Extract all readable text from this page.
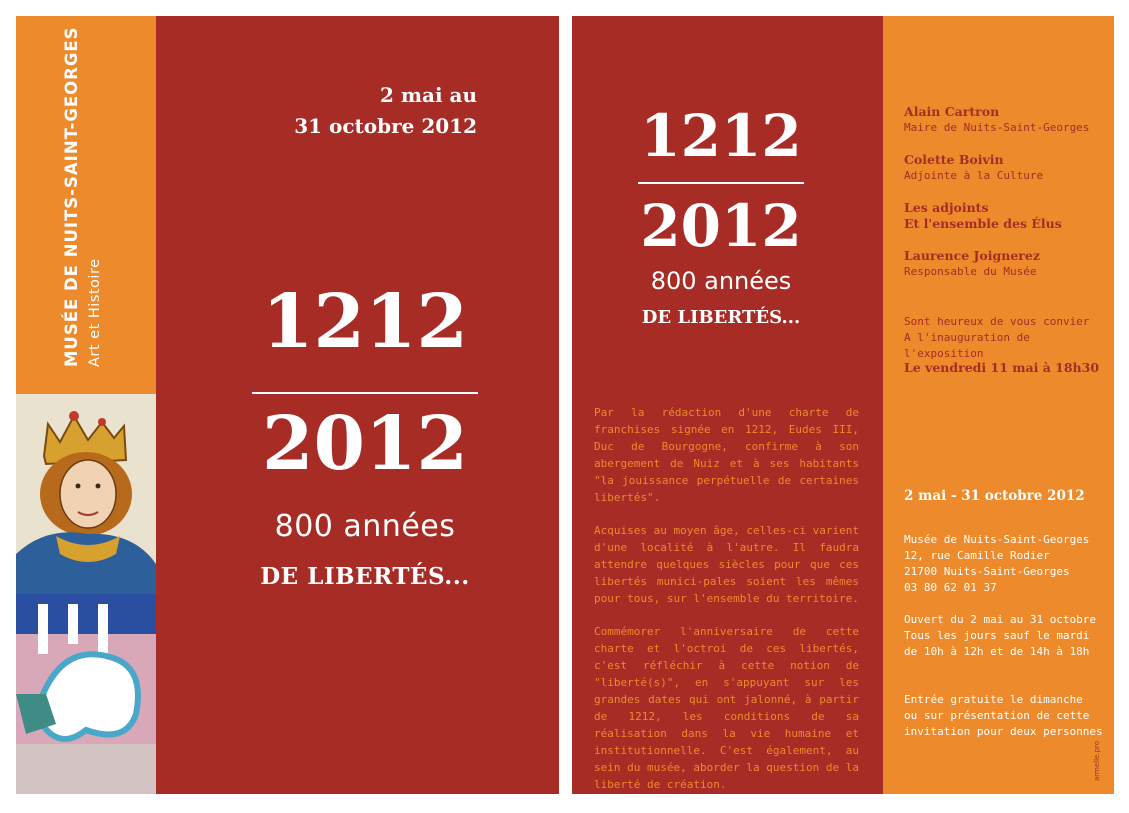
MUSÉE DE NUITS-SAINT-GEORGES Art et Histoire
2 mai au
31 octobre 2012
1212
2012
800 années
DE LIBERTÉS...
1212
2012
800 années
DE LIBERTÉS...

Par la rédaction d'une charte de franchises signée en 1212, Eudes III, Duc de Bourgogne, confirme à son abergement de Nuiz et à ses habitants "la jouissance perpétuelle de certaines libertés".

Acquises au moyen âge, celles-ci varient d'une localité à l'autre. Il faudra attendre quelques siècles pour que ces libertés munici-pales soient les mêmes pour tous, sur l'ensemble du territoire.

Commémorer l'anniversaire de cette charte et l'octroi de ces libertés, c'est réfléchir à cette notion de "liberté(s)", en s'appuyant sur les grandes dates qui ont jalonné, à partir de 1212, les conditions de sa réalisation dans la vie humaine et institutionnelle. C'est également, au sein du musée, aborder la question de la liberté de création.

Alain Cartron
Maire de Nuits-Saint-Georges
Colette Boivin
Adjointe à la Culture
Les adjoints
Et l'ensemble des Élus
Laurence Joignerez
Responsable du Musée
Sont heureux de vous convier
A l'inauguration de l'exposition
Le vendredi 11 mai à 18h30
2 mai - 31 octobre 2012
Musée de Nuits-Saint-Georges
12, rue Camille Rodier
21700 Nuits-Saint-Georges
03 80 62 01 37
Ouvert du 2 mai au 31 octobre
Tous les jours sauf le mardi
de 10h à 12h et de 14h à 18h
Entrée gratuite le dimanche
ou sur présentation de cette
invitation pour deux personnes
armelle.pro
